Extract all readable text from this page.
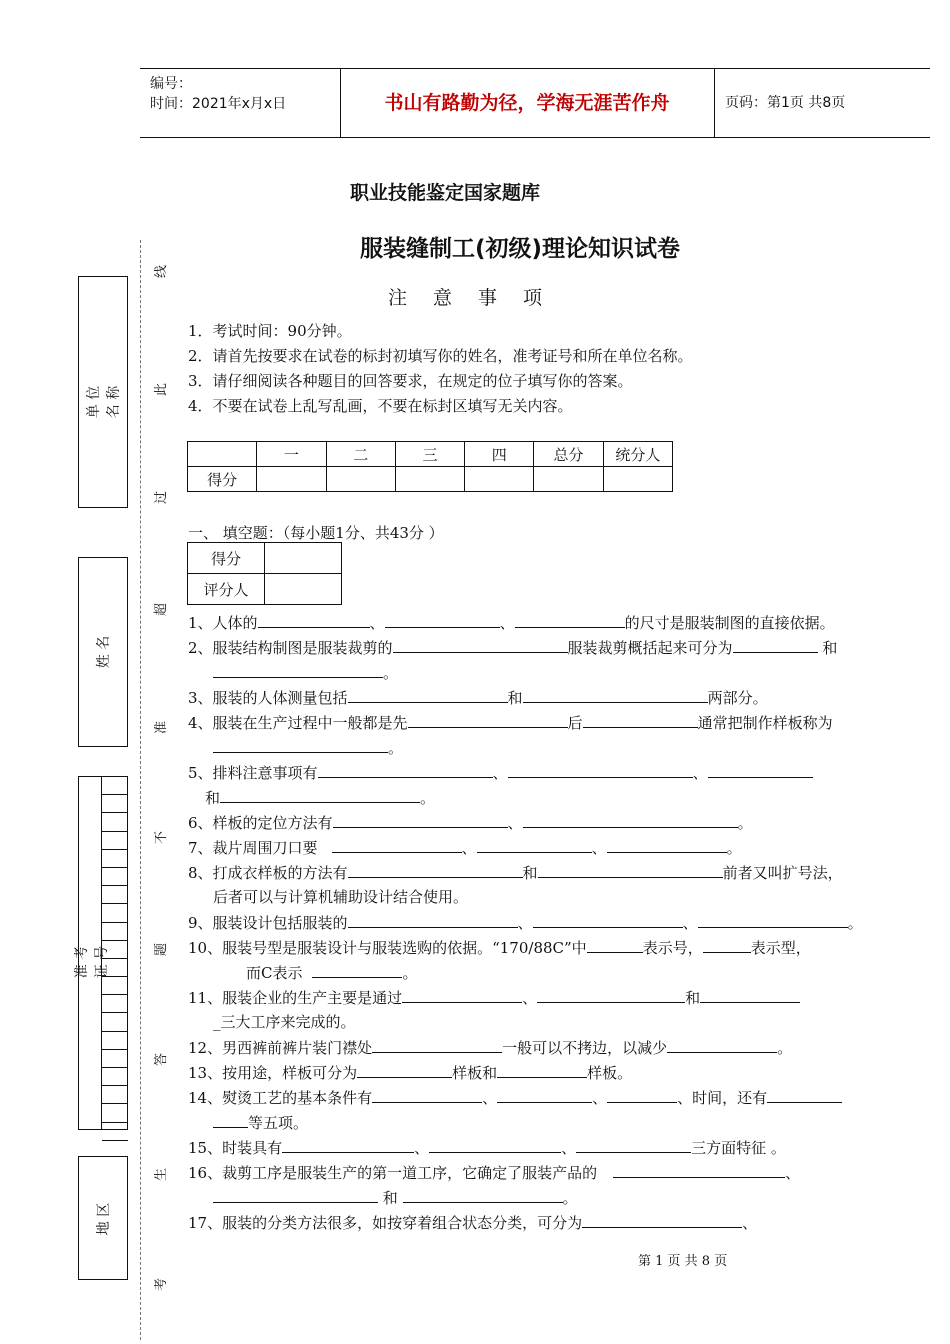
编号：
时间：2021年x月x日	书山有路勤为径，学海无涯苦作舟	页码：第1页 共8页
职业技能鉴定国家题库
服装缝制工(初级)理论知识试卷
注意事项
1．考试时间：90分钟。
2．请首先按要求在试卷的标封初填写你的姓名，准考证号和所在单位名称。
3．请仔细阅读各种题目的回答要求，在规定的位子填写你的答案。
4．不要在试卷上乱写乱画，不要在标封区填写无关内容。
	一	二	三	四	总分	统分人
得分						
一、 填空题：（每小题1分、共43分 ）
得分	
评分人	
1、人体的	、	、	的尺寸是服装制图的直接依据。
2、服装结构制图是服装裁剪的	服装裁剪概括起来可分为	和
。
3、服装的人体测量包括	和	两部分。
4、服装在生产过程中一般都是先	后	通常把制作样板称为
。
5、排料注意事项有	、	、
和	。
6、样板的定位方法有	、	。
7、裁片周围刀口要	、	、	。
8、打成衣样板的方法有	和	前者又叫扩号法，
后者可以与计算机辅助设计结合使用。
9、服装设计包括服装的	、	、	。
10、服装号型是服装设计与服装选购的依据。“170/88C”中	表示号，	表示型，
而C表示	。
11、服装企业的生产主要是通过	、	和
_三大工序来完成的。
12、男西裤前裤片装门襟处	一般可以不拷边，以减少	。
13、按用途，样板可分为	样板和	样板。
14、熨烫工艺的基本条件有	、	、	、时间，还有
等五项。
15、时装具有	、	、	三方面特征 。
16、裁剪工序是服装生产的第一道工序，它确定了服装产品的	、
和	。
17、服装的分类方法很多，如按穿着组合状态分类，可分为	、
第 1 页 共 8 页
线
此
过
超
准
不
题
答
生
考
单 位 名 称
姓 名
准 考 证 号
地 区
